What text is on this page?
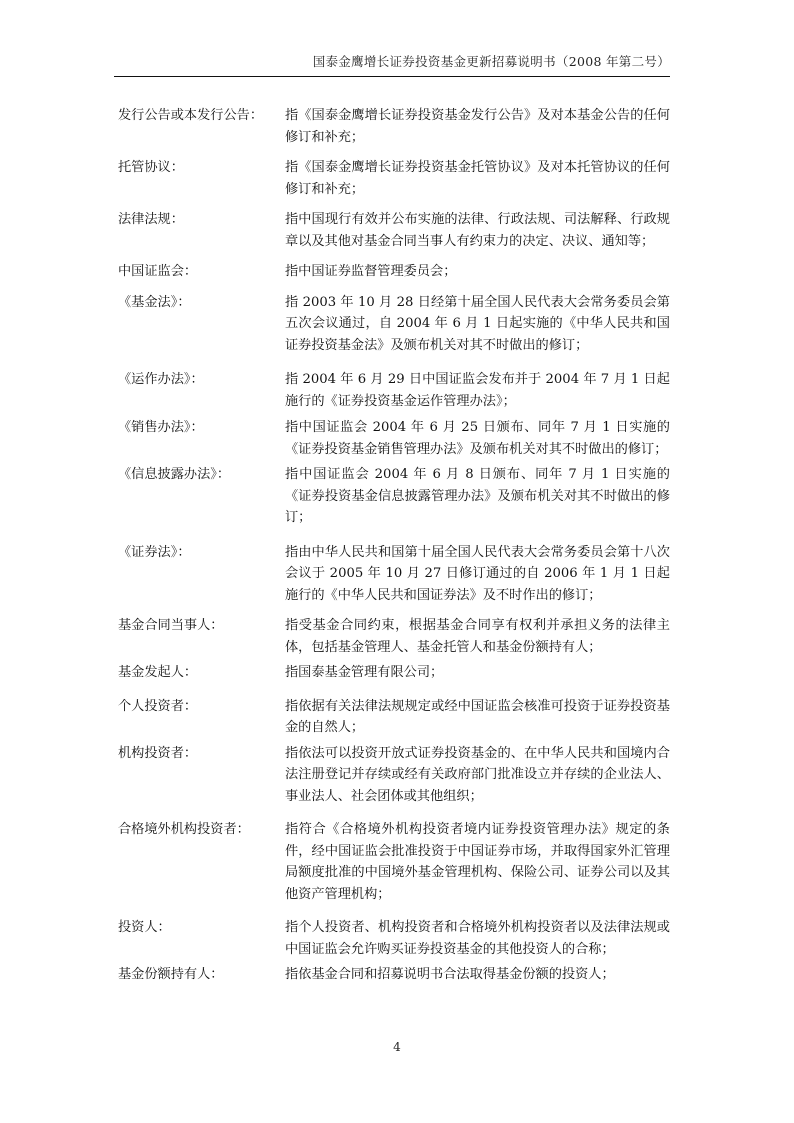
国泰金鹰增长证券投资基金更新招募说明书（2008 年第二号）
发行公告或本发行公告：	指《国泰金鹰增长证券投资基金发行公告》及对本基金公告的任何修订和补充；
托管协议：	指《国泰金鹰增长证券投资基金托管协议》及对本托管协议的任何修订和补充；
法律法规：	指中国现行有效并公布实施的法律、行政法规、司法解释、行政规章以及其他对基金合同当事人有约束力的决定、决议、通知等；
中国证监会：	指中国证券监督管理委员会；
《基金法》：	指 2003 年 10 月 28 日经第十届全国人民代表大会常务委员会第五次会议通过，自 2004 年 6 月 1 日起实施的《中华人民共和国证券投资基金法》及颁布机关对其不时做出的修订；
《运作办法》：	指 2004 年 6 月 29 日中国证监会发布并于 2004 年 7 月 1 日起施行的《证券投资基金运作管理办法》；
《销售办法》：	指中国证监会 2004 年 6 月 25 日颁布、同年 7 月 1 日实施的《证券投资基金销售管理办法》及颁布机关对其不时做出的修订；
《信息披露办法》：	指中国证监会 2004 年 6 月 8 日颁布、同年 7 月 1 日实施的《证券投资基金信息披露管理办法》及颁布机关对其不时做出的修订；
《证券法》：	指由中华人民共和国第十届全国人民代表大会常务委员会第十八次会议于 2005 年 10 月 27 日修订通过的自 2006 年 1 月 1 日起施行的《中华人民共和国证券法》及不时作出的修订；
基金合同当事人：	指受基金合同约束，根据基金合同享有权利并承担义务的法律主体，包括基金管理人、基金托管人和基金份额持有人；
基金发起人：	指国泰基金管理有限公司；
个人投资者：	指依据有关法律法规规定或经中国证监会核准可投资于证券投资基金的自然人；
机构投资者：	指依法可以投资开放式证券投资基金的、在中华人民共和国境内合法注册登记并存续或经有关政府部门批准设立并存续的企业法人、事业法人、社会团体或其他组织；
合格境外机构投资者：	指符合《合格境外机构投资者境内证券投资管理办法》规定的条件，经中国证监会批准投资于中国证券市场，并取得国家外汇管理局额度批准的中国境外基金管理机构、保险公司、证券公司以及其他资产管理机构；
投资人：	指个人投资者、机构投资者和合格境外机构投资者以及法律法规或中国证监会允许购买证券投资基金的其他投资人的合称；
基金份额持有人：	指依基金合同和招募说明书合法取得基金份额的投资人；
4
